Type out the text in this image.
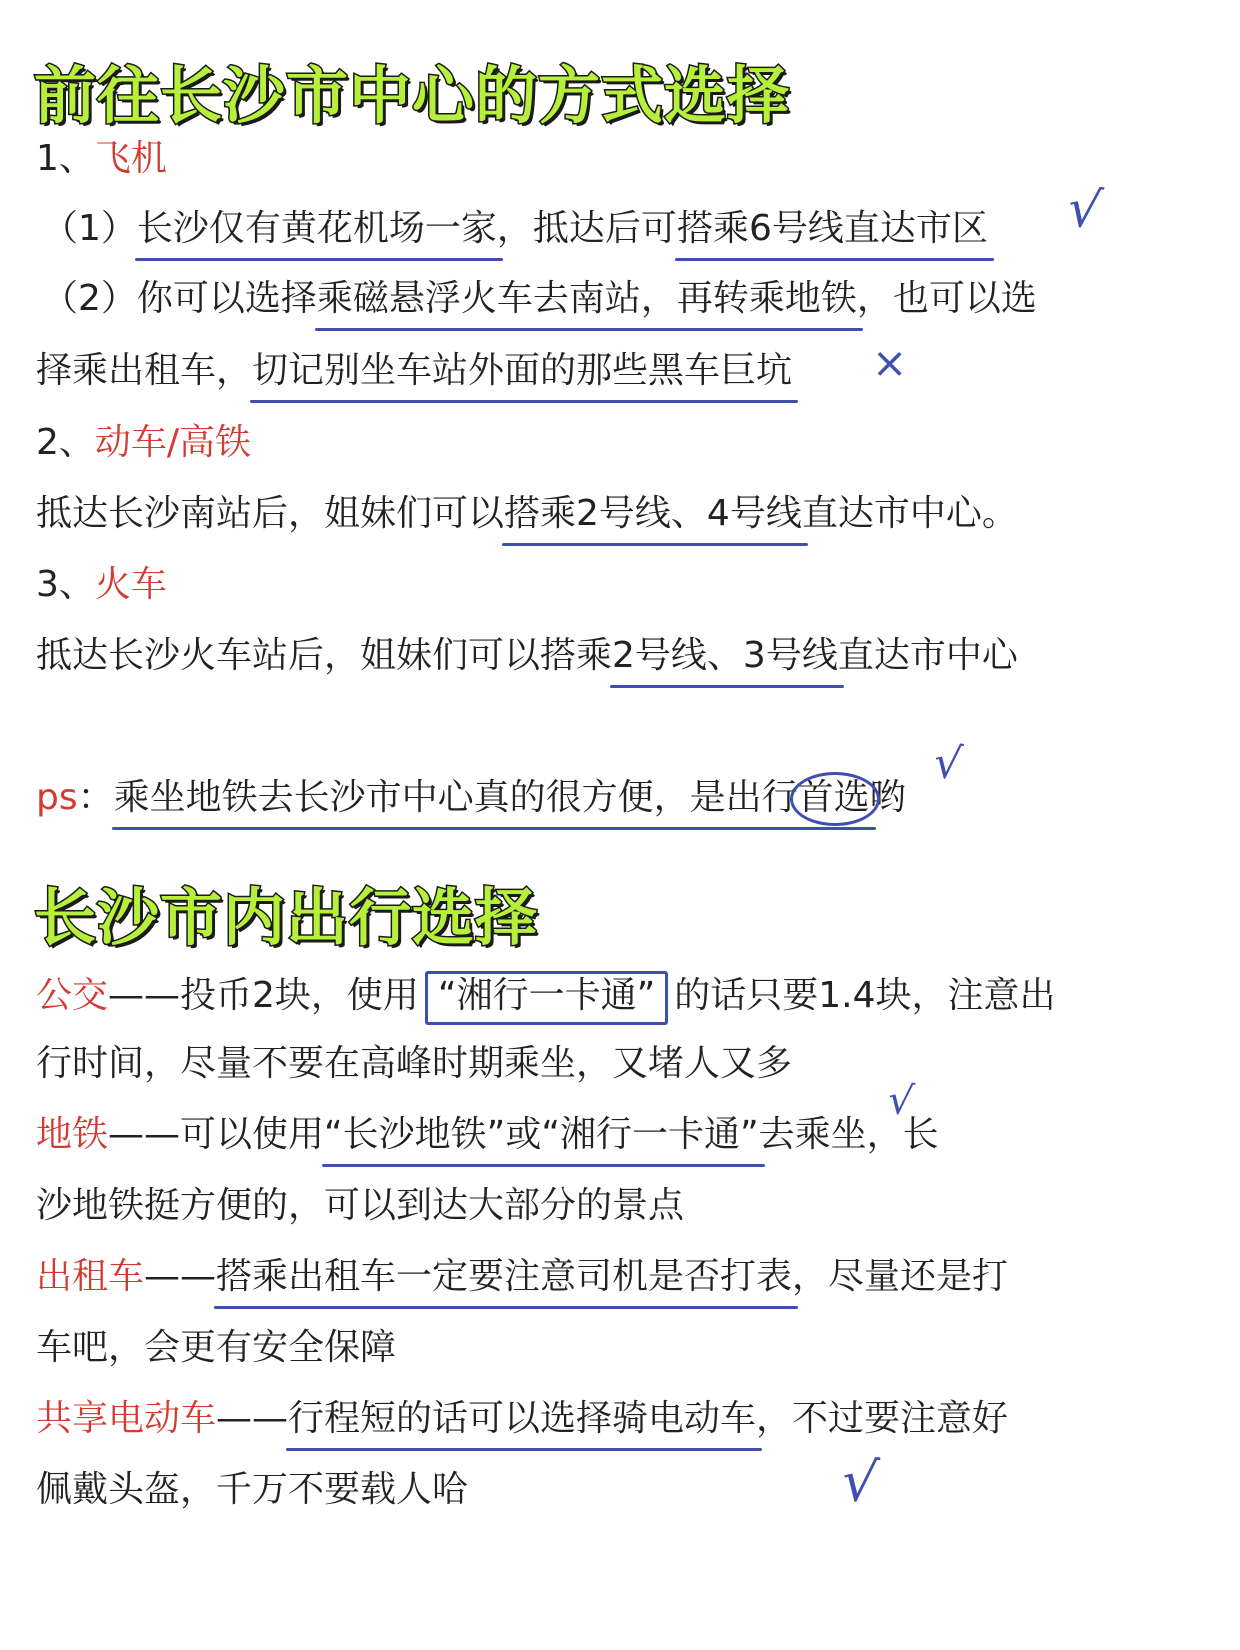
前往长沙市中心的方式选择
1、飞机
（1）长沙仅有黄花机场一家，抵达后可搭乘6号线直达市区 √
（2）你可以选择乘磁悬浮火车去南站，再转乘地铁，也可以选
择乘出租车，切记别坐车站外面的那些黑车巨坑 ×
2、动车/高铁
抵达长沙南站后，姐妹们可以搭乘2号线、4号线直达市中心。
3、火车
抵达长沙火车站后，姐妹们可以搭乘2号线、3号线直达市中心
ps：乘坐地铁去长沙市中心真的很方便，是出行首选
哟
√
长沙市内出行选择
公交——投币2块，使用 “湘行一卡通” 的话只要1.4块，注意出
行时间，尽量不要在高峰时期乘坐，又堵人又多
地铁——可以使用“长沙地铁”或“湘行一卡通”去乘坐，长
√
沙地铁挺方便的，可以到达大部分的景点
出租车——搭乘出租车一定要注意司机是否打表，尽量还是打
车吧，会更有安全保障
共享电动车——行程短的话可以选择骑电动车，不过要注意好
佩戴头盔，千万不要载人哈	√
